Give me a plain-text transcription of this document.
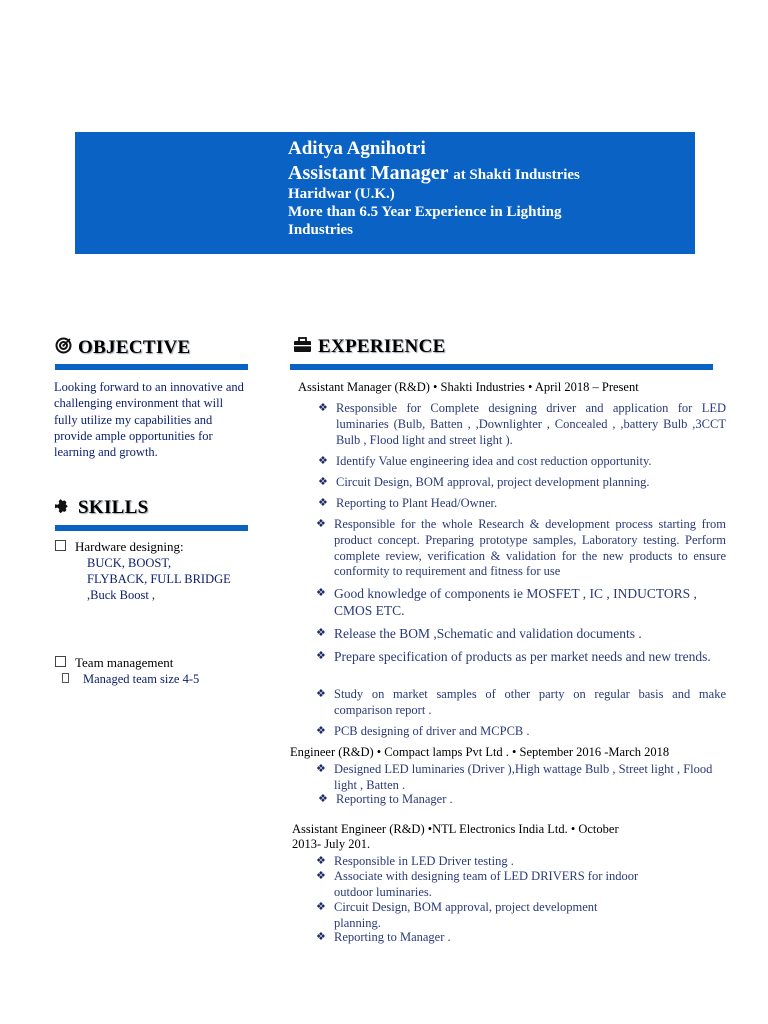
Aditya Agnihotri
Assistant Manager at Shakti Industries
Haridwar (U.K.)
More than 6.5 Year Experience in Lighting
Industries
OBJECTIVE
Looking forward to an innovative and challenging environment that will fully utilize my capabilities and provide ample opportunities for learning and growth.
SKILLS
Hardware designing:
BUCK, BOOST,
FLYBACK, FULL BRIDGE
,Buck Boost ,
Team management
Managed team size 4-5
EXPERIENCE
Assistant Manager (R&D) • Shakti Industries • April 2018 – Present
❖ Responsible for Complete designing driver and application for LED luminaries (Bulb, Batten , ,Downlighter , Concealed , ,battery Bulb ,3CCT Bulb , Flood light and street light ).
❖ Identify Value engineering idea and cost reduction opportunity.
❖ Circuit Design, BOM approval, project development planning.
❖ Reporting to Plant Head/Owner.
❖ Responsible for the whole Research & development process starting from product concept. Preparing prototype samples, Laboratory testing. Perform complete review, verification & validation for the new products to ensure conformity to requirement and fitness for use
❖ Good knowledge of components ie MOSFET , IC , INDUCTORS , CMOS ETC.
❖ Release the BOM ,Schematic and validation documents .
❖ Prepare specification of products as per market needs and new trends.
❖ Study on market samples of other party on regular basis and make comparison report .
❖ PCB designing of driver and MCPCB .
Engineer (R&D) • Compact lamps Pvt Ltd . • September 2016 -March 2018
❖ Designed LED luminaries (Driver ),High wattage Bulb , Street light , Flood light , Batten .
❖ Reporting to Manager .
Assistant Engineer (R&D) •NTL Electronics India Ltd. • October
2013- July 201.
❖ Responsible in LED Driver testing .
❖ Associate with designing team of LED DRIVERS for indoor outdoor luminaries.
❖ Circuit Design, BOM approval, project development planning.
❖ Reporting to Manager .
